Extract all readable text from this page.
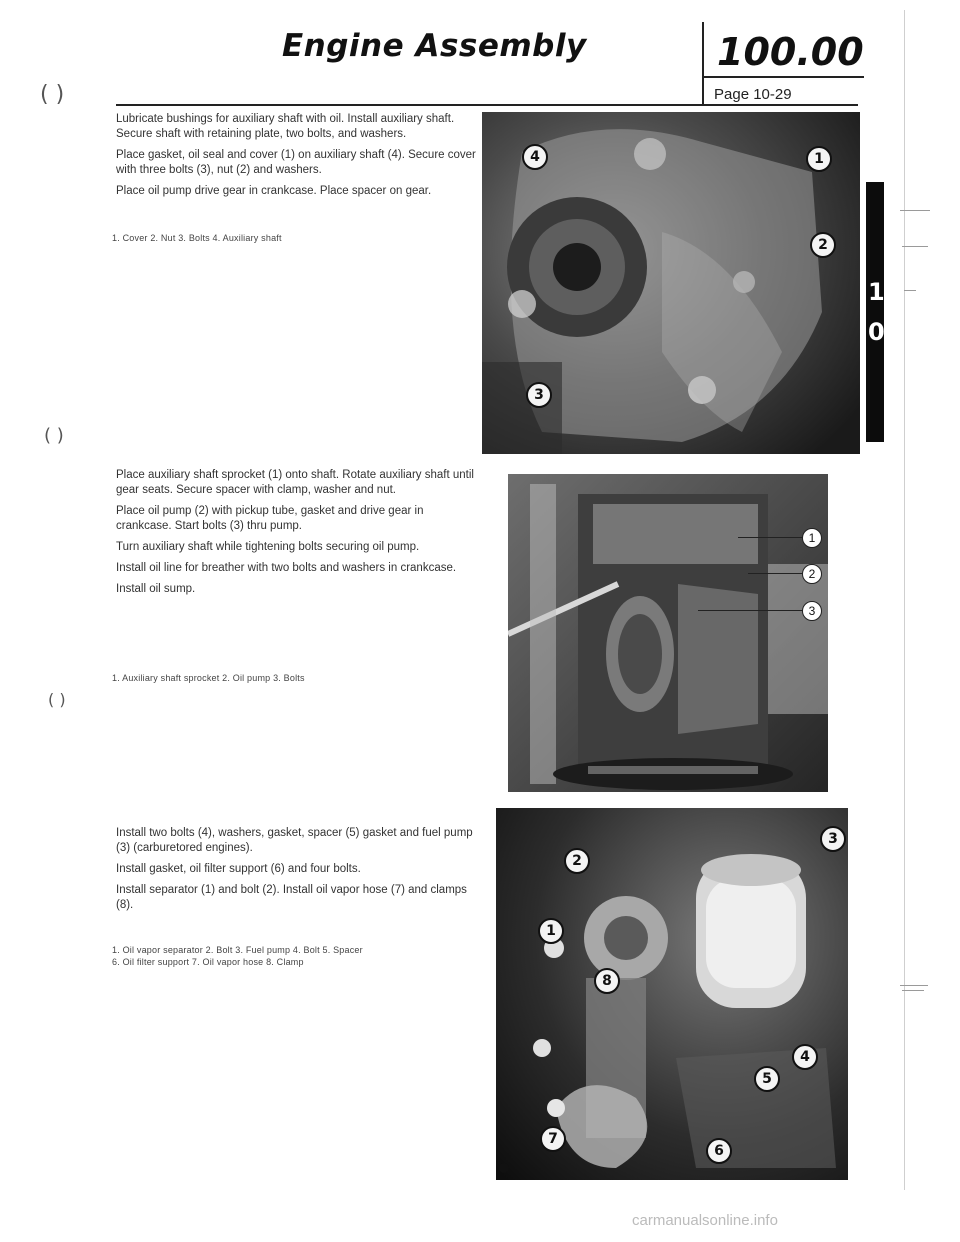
Engine Assembly	100.00
Page 10-29
( )
( )
( )

Lubricate bushings for auxiliary shaft with oil. Install auxiliary shaft. Secure shaft with retaining plate, two bolts, and washers.

Place gasket, oil seal and cover (1) on auxiliary shaft (4). Secure cover with three bolts (3), nut (2) and washers.

Place oil pump drive gear in crankcase. Place spacer on gear.

1. Cover 2. Nut 3. Bolts 4. Auxiliary shaft
4	1
2
3

Place auxiliary shaft sprocket (1) onto shaft. Rotate auxiliary shaft until gear seats. Secure spacer with clamp, washer and nut.

Place oil pump (2) with pickup tube, gasket and drive gear in crankcase. Start bolts (3) thru pump.

Turn auxiliary shaft while tightening bolts securing oil pump.

Install oil line for breather with two bolts and washers in crankcase.

Install oil sump.

1. Auxiliary shaft sprocket 2. Oil pump 3. Bolts
1
2
3

Install two bolts (4), washers, gasket, spacer (5) gasket and fuel pump (3) (carburetored engines).

Install gasket, oil filter support (6) and four bolts.

Install separator (1) and bolt (2). Install oil vapor hose (7) and clamps (8).

1. Oil vapor separator 2. Bolt 3. Fuel pump 4. Bolt 5. Spacer
6. Oil filter support 7. Oil vapor hose 8. Clamp
2
3
1
8
4
5
7
6
1
0
carmanualsonline.info
